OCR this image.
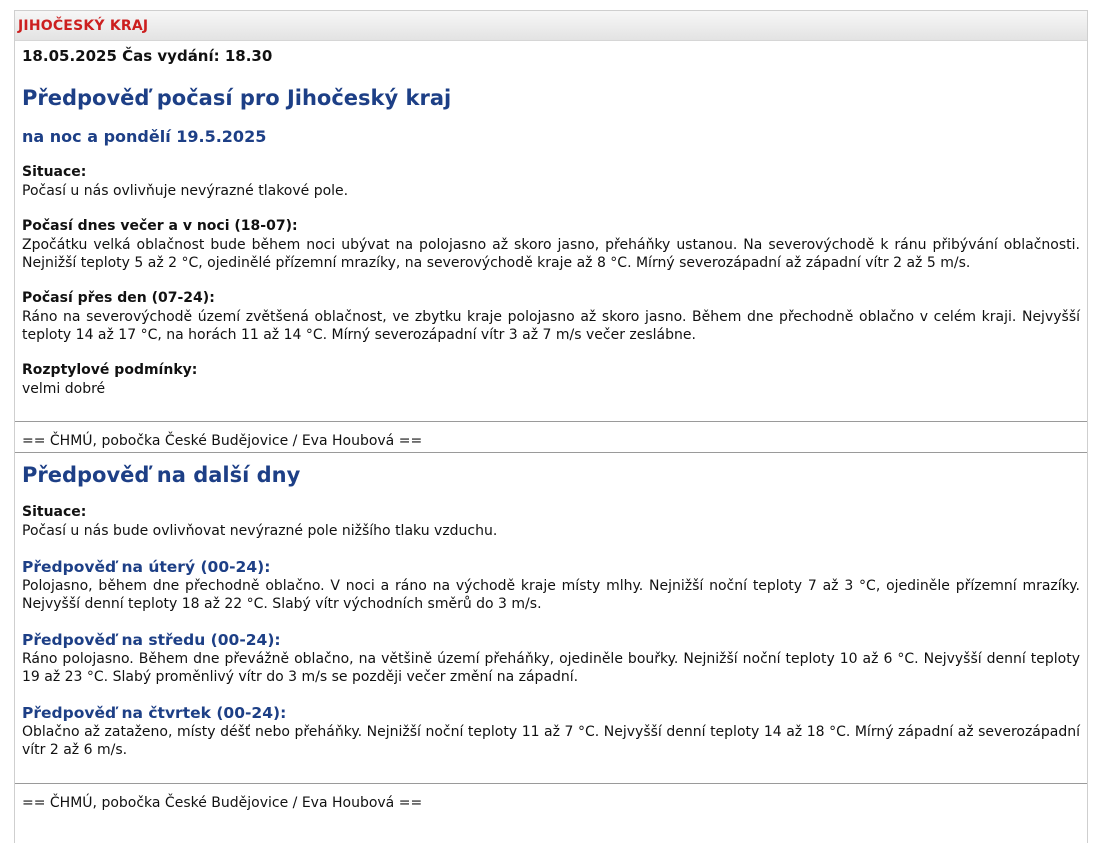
JIHOČESKÝ KRAJ
18.05.2025 Čas vydání: 18.30
Předpověď počasí pro Jihočeský kraj
na noc a pondělí 19.5.2025
Situace:
Počasí u nás ovlivňuje nevýrazné tlakové pole.
Počasí dnes večer a v noci (18-07):
Zpočátku velká oblačnost bude během noci ubývat na polojasno až skoro jasno, přeháňky ustanou. Na severovýchodě k ránu přibývání oblačnosti. Nejnižší teploty 5 až 2 °C, ojedinělé přízemní mrazíky, na severovýchodě kraje až 8 °C. Mírný severozápadní až západní vítr 2 až 5 m/s.
Počasí přes den (07-24):
Ráno na severovýchodě území zvětšená oblačnost, ve zbytku kraje polojasno až skoro jasno. Během dne přechodně oblačno v celém kraji. Nejvyšší teploty 14 až 17 °C, na horách 11 až 14 °C. Mírný severozápadní vítr 3 až 7 m/s večer zeslábne.
Rozptylové podmínky:
velmi dobré
== ČHMÚ, pobočka České Budějovice / Eva Houbová ==
Předpověď na další dny
Situace:
Počasí u nás bude ovlivňovat nevýrazné pole nižšího tlaku vzduchu.
Předpověď na úterý (00-24):
Polojasno, během dne přechodně oblačno. V noci a ráno na východě kraje místy mlhy. Nejnižší noční teploty 7 až 3 °C, ojediněle přízemní mrazíky. Nejvyšší denní teploty 18 až 22 °C. Slabý vítr východních směrů do 3 m/s.
Předpověď na středu (00-24):
Ráno polojasno. Během dne převážně oblačno, na většině území přeháňky, ojediněle bouřky. Nejnižší noční teploty 10 až 6 °C. Nejvyšší denní teploty 19 až 23 °C. Slabý proměnlivý vítr do 3 m/s se později večer změní na západní.
Předpověď na čtvrtek (00-24):
Oblačno až zataženo, místy déšť nebo přeháňky. Nejnižší noční teploty 11 až 7 °C. Nejvyšší denní teploty 14 až 18 °C. Mírný západní až severozápadní vítr 2 až 6 m/s.
== ČHMÚ, pobočka České Budějovice / Eva Houbová ==
